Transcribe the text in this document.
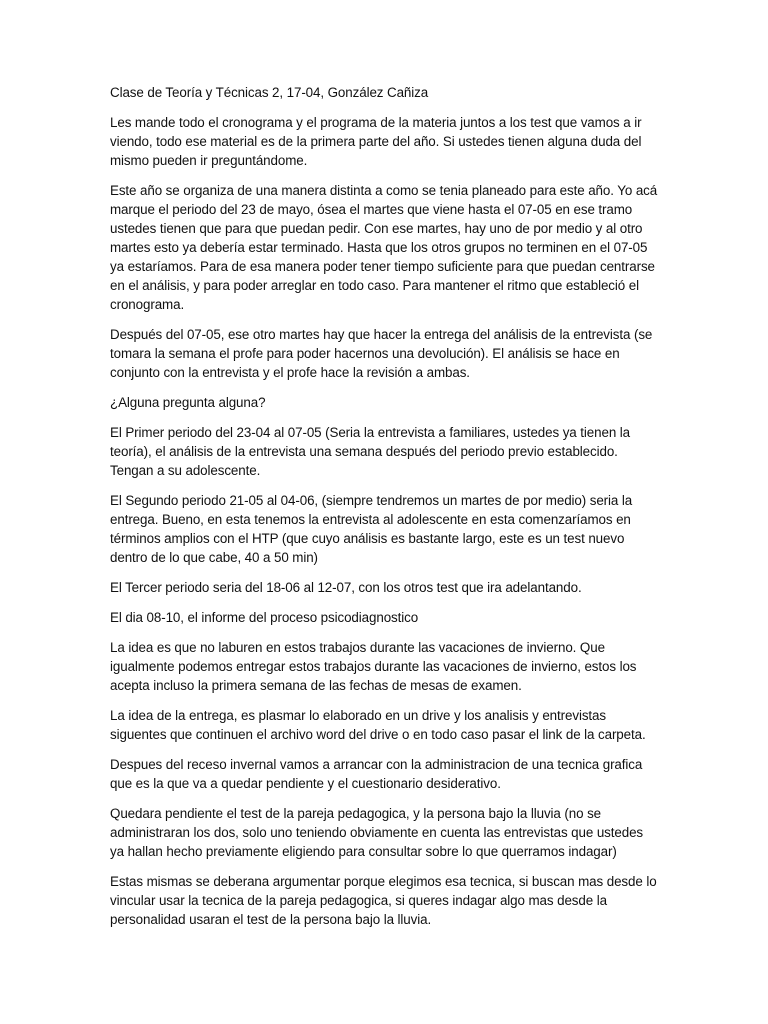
Clase de Teoría y Técnicas 2, 17-04, González Cañiza

Les mande todo el cronograma y el programa de la materia juntos a los test que vamos a ir viendo, todo ese material es de la primera parte del año. Si ustedes tienen alguna duda del mismo pueden ir preguntándome.

Este año se organiza de una manera distinta a como se tenia planeado para este año. Yo acá marque el periodo del 23 de mayo, ósea el martes que viene hasta el 07-05 en ese tramo ustedes tienen que para que puedan pedir. Con ese martes, hay uno de por medio y al otro martes esto ya debería estar terminado. Hasta que los otros grupos no terminen en el 07-05 ya estaríamos. Para de esa manera poder tener tiempo suficiente para que puedan centrarse en el análisis, y para poder arreglar en todo caso. Para mantener el ritmo que estableció el cronograma.

Después del 07-05, ese otro martes hay que hacer la entrega del análisis de la entrevista (se tomara la semana el profe para poder hacernos una devolución). El análisis se hace en conjunto con la entrevista y el profe hace la revisión a ambas.

¿Alguna pregunta alguna?

El Primer periodo del 23-04 al 07-05 (Seria la entrevista a familiares, ustedes ya tienen la teoría), el análisis de la entrevista una semana después del periodo previo establecido. Tengan a su adolescente.

El Segundo periodo 21-05 al 04-06, (siempre tendremos un martes de por medio) seria la entrega. Bueno, en esta tenemos la entrevista al adolescente en esta comenzaríamos en términos amplios con el HTP (que cuyo análisis es bastante largo, este es un test nuevo dentro de lo que cabe, 40 a 50 min)

El Tercer periodo seria del 18-06 al 12-07, con los otros test que ira adelantando.

El dia 08-10, el informe del proceso psicodiagnostico

La idea es que no laburen en estos trabajos durante las vacaciones de invierno. Que igualmente podemos entregar estos trabajos durante las vacaciones de invierno, estos los acepta incluso la primera semana de las fechas de mesas de examen.

La idea de la entrega, es plasmar lo elaborado en un drive y los analisis y entrevistas siguentes que continuen el archivo word del drive o en todo caso pasar el link de la carpeta.

Despues del receso invernal vamos a arrancar con la administracion de una tecnica grafica que es la que va a quedar pendiente y el cuestionario desiderativo.

Quedara pendiente el test de la pareja pedagogica, y la persona bajo la lluvia (no se administraran los dos, solo uno teniendo obviamente en cuenta las entrevistas que ustedes ya hallan hecho previamente eligiendo para consultar sobre lo que querramos indagar)

Estas mismas se deberana argumentar porque elegimos esa tecnica, si buscan mas desde lo vincular usar la tecnica de la pareja pedagogica, si queres indagar algo mas desde la personalidad usaran el test de la persona bajo la lluvia.
